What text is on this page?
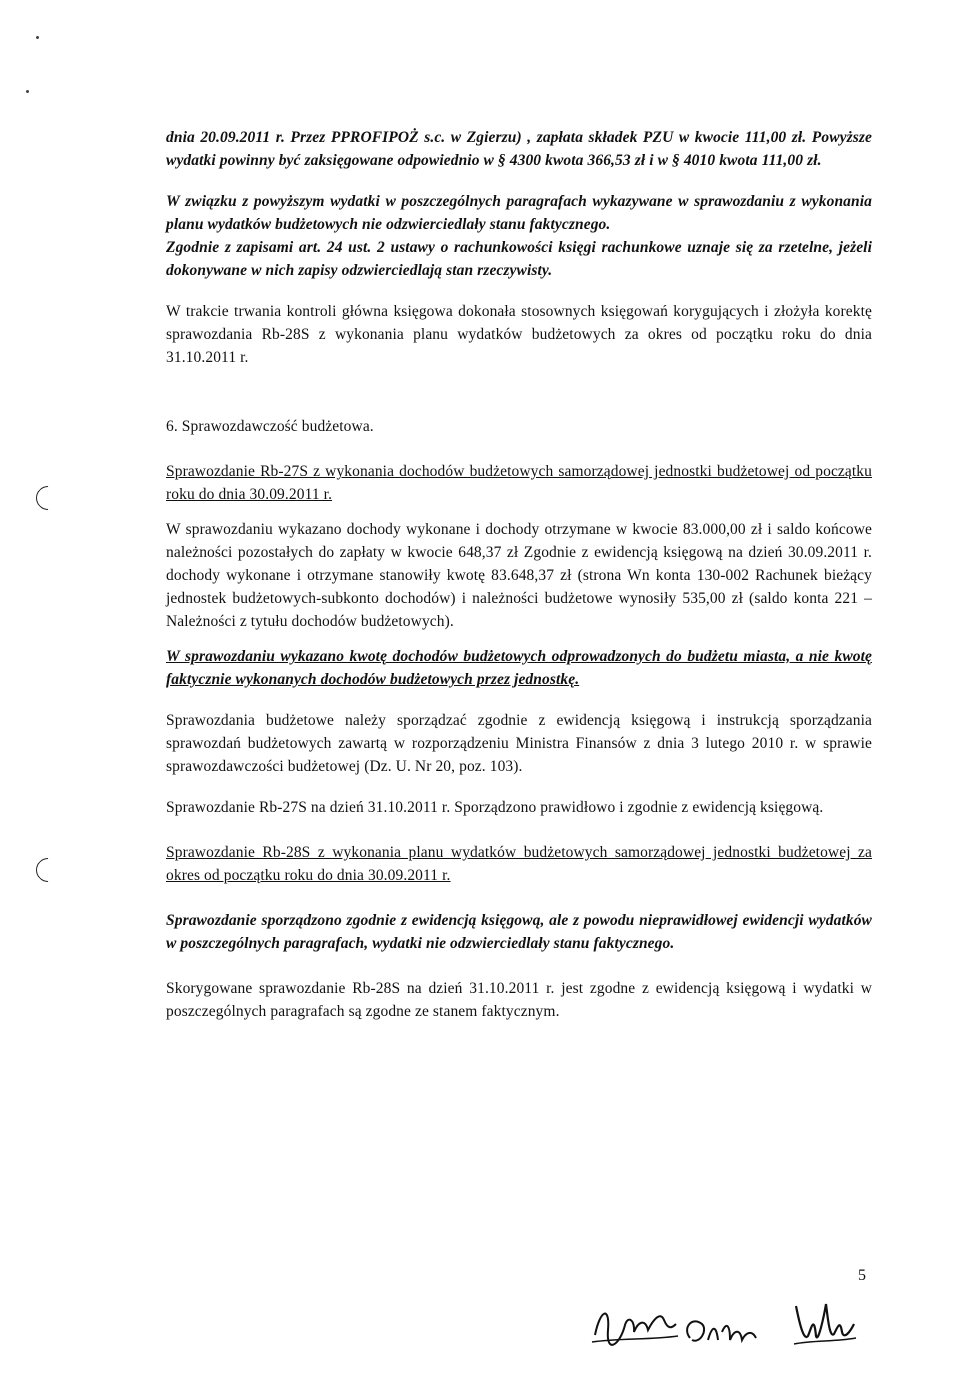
dnia 20.09.2011 r. Przez PPROFIPOŻ s.c. w Zgierzu) , zapłata składek PZU w kwocie 111,00 zł. Powyższe wydatki powinny być zaksięgowane odpowiednio w § 4300 kwota 366,53 zł i w § 4010 kwota 111,00 zł.

W związku z powyższym wydatki w poszczególnych paragrafach wykazywane w sprawozdaniu z wykonania planu wydatków budżetowych nie odzwierciedlały stanu faktycznego.

Zgodnie z zapisami art. 24 ust. 2 ustawy o rachunkowości księgi rachunkowe uznaje się za rzetelne, jeżeli dokonywane w nich zapisy odzwierciedlają stan rzeczywisty.

W trakcie trwania kontroli główna księgowa dokonała stosownych księgowań korygujących i złożyła korektę sprawozdania Rb-28S z wykonania planu wydatków budżetowych za okres od początku roku do dnia 31.10.2011 r.

6. Sprawozdawczość budżetowa.

Sprawozdanie Rb-27S z wykonania dochodów budżetowych samorządowej jednostki budżetowej od początku roku do dnia 30.09.2011 r.

W sprawozdaniu wykazano dochody wykonane i dochody otrzymane w kwocie 83.000,00 zł i saldo końcowe należności pozostałych do zapłaty w kwocie 648,37 zł Zgodnie z ewidencją księgową na dzień 30.09.2011 r. dochody wykonane i otrzymane stanowiły kwotę 83.648,37 zł (strona Wn konta 130-002 Rachunek bieżący jednostek budżetowych-subkonto dochodów) i należności budżetowe wynosiły 535,00 zł (saldo konta 221 – Należności z tytułu dochodów budżetowych).

W sprawozdaniu wykazano kwotę dochodów budżetowych odprowadzonych do budżetu miasta, a nie kwotę faktycznie wykonanych dochodów budżetowych przez jednostkę.

Sprawozdania budżetowe należy sporządzać zgodnie z ewidencją księgową i instrukcją sporządzania sprawozdań budżetowych zawartą w rozporządzeniu Ministra Finansów z dnia 3 lutego 2010 r. w sprawie sprawozdawczości budżetowej (Dz. U. Nr 20, poz. 103).

Sprawozdanie Rb-27S na dzień 31.10.2011 r. Sporządzono prawidłowo i zgodnie z ewidencją księgową.

Sprawozdanie Rb-28S z wykonania planu wydatków budżetowych samorządowej jednostki budżetowej za okres od początku roku do dnia 30.09.2011 r.

Sprawozdanie sporządzono zgodnie z ewidencją księgową, ale z powodu nieprawidłowej ewidencji wydatków w poszczególnych paragrafach, wydatki nie odzwierciedlały stanu faktycznego.

Skorygowane sprawozdanie Rb-28S na dzień 31.10.2011 r. jest zgodne z ewidencją księgową i wydatki w poszczególnych paragrafach są zgodne ze stanem faktycznym.

5
